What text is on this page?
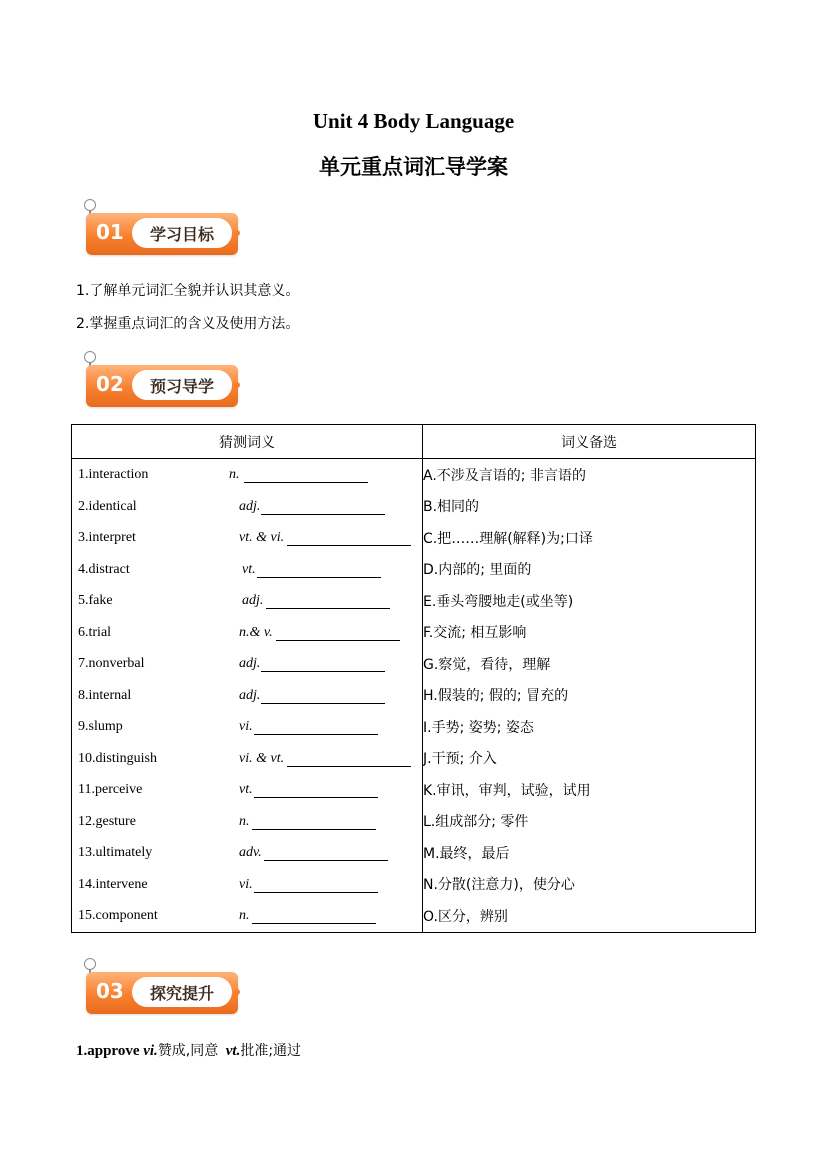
Unit 4 Body Language
单元重点词汇导学案
01	学习目标
1.了解单元词汇全貌并认识其意义。
2.掌握重点词汇的含义及使用方法。
02	预习导学
猜测词义	词义备选

1.interaction n.	A.不涉及言语的; 非言语的

2.identical adj.	B.相同的

3.interpret vt. & vi.	C.把……理解(解释)为;口译

4.distract vt.	D.内部的; 里面的

5.fake adj.	E.垂头弯腰地走(或坐等)

6.trial n.& v.	F.交流; 相互影响

7.nonverbal adj.	G.察觉，看待，理解

8.internal adj.	H.假装的; 假的; 冒充的

9.slump vi.	I.手势; 姿势; 姿态

10.distinguish vi. & vt.	J.干预; 介入

11.perceive vt.	K.审讯，审判，试验，试用

12.gesture n.	L.组成部分; 零件

13.ultimately adv.	M.最终，最后

14.intervene vi.	N.分散(注意力)，使分心

15.component n.	O.区分，辨别
03	探究提升
1.approve vi.赞成,同意 vt.批准;通过
